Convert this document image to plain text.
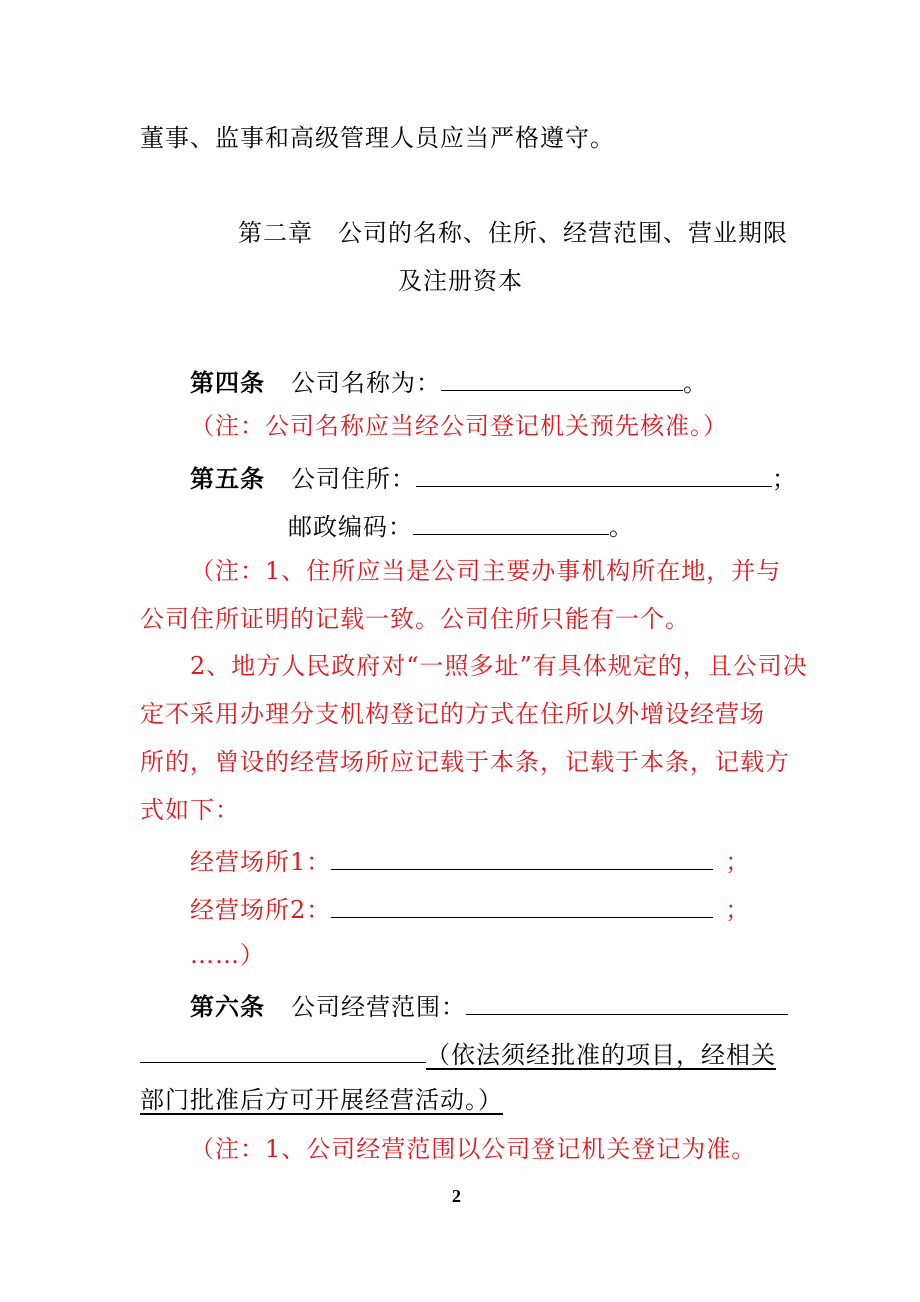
董事、监事和高级管理人员应当严格遵守。
第二章　公司的名称、住所、经营范围、营业期限
及注册资本
第四条 公司名称为：	。
（注：公司名称应当经公司登记机关预先核准。）
第五条 公司住所：	；
邮政编码：	。
（注：1、住所应当是公司主要办事机构所在地，并与
公司住所证明的记载一致。公司住所只能有一个。
2、地方人民政府对“一照多址”有具体规定的，且公司决
定不采用办理分支机构登记的方式在住所以外增设经营场
所的，曾设的经营场所应记载于本条，记载于本条，记载方
式如下：
经营场所1：	；
经营场所2：	；
……）
第六条 公司经营范围：
（依法须经批准的项目，经相关
部门批准后方可开展经营活动。）
（注：1、公司经营范围以公司登记机关登记为准。
2
